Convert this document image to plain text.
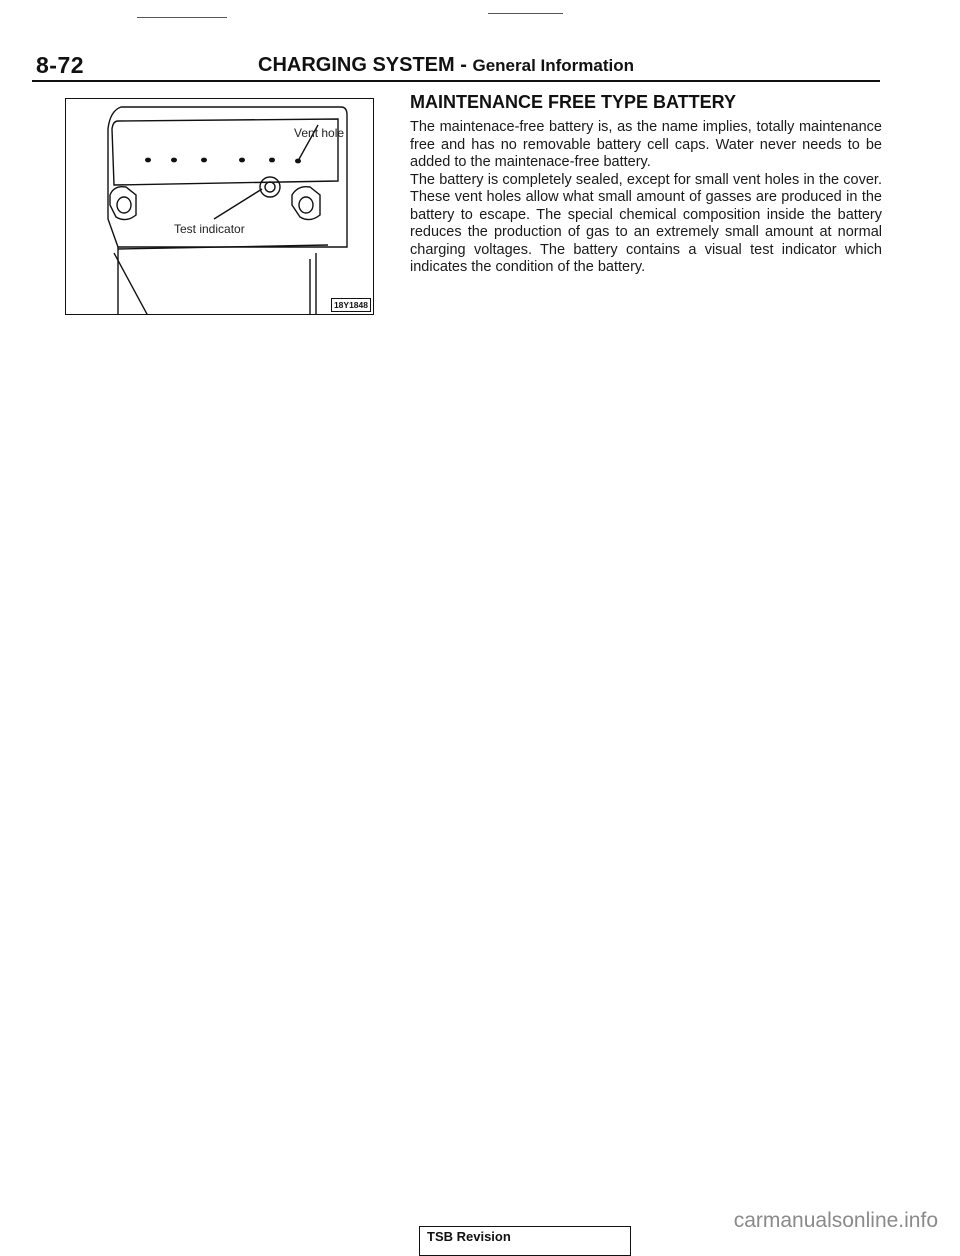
8-72	CHARGING SYSTEM - General Information
Vent hole
Test indicator
18Y1848
MAINTENANCE FREE TYPE BATTERY

The maintenace-free battery is, as the name implies, totally maintenance free and has no removable battery cell caps. Water never needs to be added to the maintenace-free battery.

The battery is completely sealed, except for small vent holes in the cover. These vent holes allow what small amount of gasses are produced in the battery to escape. The special chemical composition inside the battery reduces the production of gas to an extremely small amount at normal charging voltages. The battery contains a visual test indicator which indicates the condition of the battery.

TSB Revision
carmanualsonline.info
